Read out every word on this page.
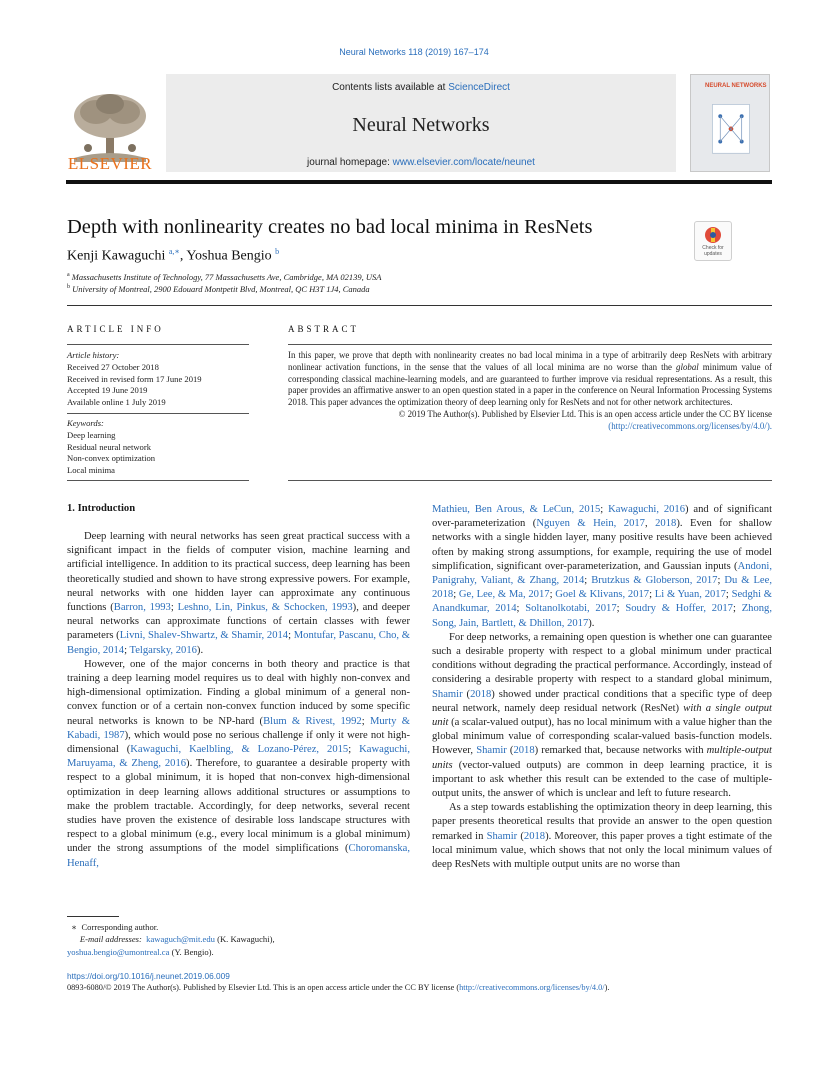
Neural Networks 118 (2019) 167–174
ELSEVIER
Contents lists available at ScienceDirect
Neural Networks
journal homepage: www.elsevier.com/locate/neunet
NEURAL NETWORKS
Depth with nonlinearity creates no bad local minima in ResNets
Check for updates
Kenji Kawaguchi $^{a,∗}$, Yoshua Bengio $^b$
$^a$ Massachusetts Institute of Technology, 77 Massachusetts Ave, Cambridge, MA 02139, USA
$^b$ University of Montreal, 2900 Edouard Montpetit Blvd, Montreal, QC H3T 1J4, Canada
ARTICLE INFO
Article history:
Received 27 October 2018
Received in revised form 17 June 2019
Accepted 19 June 2019
Available online 1 July 2019
Keywords:
Deep learning
Residual neural network
Non-convex optimization
Local minima
ABSTRACT
In this paper, we prove that depth with nonlinearity creates no bad local minima in a type of arbitrarily deep ResNets with arbitrary nonlinear activation functions, in the sense that the values of all local minima are no worse than the global minimum value of corresponding classical machine-learning models, and are guaranteed to further improve via residual representations. As a result, this paper provides an affirmative answer to an open question stated in a paper in the conference on Neural Information Processing Systems 2018. This paper advances the optimization theory of deep learning only for ResNets and not for other network architectures.
© 2019 The Author(s). Published by Elsevier Ltd. This is an open access article under the CC BY license
(http://creativecommons.org/licenses/by/4.0/).
1. Introduction

Deep learning with neural networks has seen great practical success with a significant impact in the fields of computer vision, machine learning and artificial intelligence. In addition to its practical success, deep learning has been theoretically studied and shown to have strong expressive powers. For example, neural networks with one hidden layer can approximate any continuous functions (Barron, 1993; Leshno, Lin, Pinkus, & Schocken, 1993), and deeper neural networks can approximate functions of certain classes with fewer parameters (Livni, Shalev-Shwartz, & Shamir, 2014; Montufar, Pascanu, Cho, & Bengio, 2014; Telgarsky, 2016).

However, one of the major concerns in both theory and practice is that training a deep learning model requires us to deal with highly non-convex and high-dimensional optimization. Finding a global minimum of a general non-convex function or of a certain non-convex function induced by some specific neural networks is known to be NP-hard (Blum & Rivest, 1992; Murty & Kabadi, 1987), which would pose no serious challenge if only it were not high-dimensional (Kawaguchi, Kaelbling, & Lozano-Pérez, 2015; Kawaguchi, Maruyama, & Zheng, 2016). Therefore, to guarantee a desirable property with respect to a global minimum, it is hoped that non-convex high-dimensional optimization in deep learning allows additional structures or assumptions to make the problem tractable. Accordingly, for deep networks, several recent studies have proven the existence of desirable loss landscape structures with respect to a global minimum (e.g., every local minimum is a global minimum) under the strong assumptions of the model simplifications (Choromanska, Henaff,

Mathieu, Ben Arous, & LeCun, 2015; Kawaguchi, 2016) and of significant over-parameterization (Nguyen & Hein, 2017, 2018). Even for shallow networks with a single hidden layer, many positive results have been achieved often by making strong assumptions, for example, requiring the use of model simplification, significant over-parameterization, and Gaussian inputs (Andoni, Panigrahy, Valiant, & Zhang, 2014; Brutzkus & Globerson, 2017; Du & Lee, 2018; Ge, Lee, & Ma, 2017; Goel & Klivans, 2017; Li & Yuan, 2017; Sedghi & Anandkumar, 2014; Soltanolkotabi, 2017; Soudry & Hoffer, 2017; Zhong, Song, Jain, Bartlett, & Dhillon, 2017).

For deep networks, a remaining open question is whether one can guarantee such a desirable property with respect to a global minimum under practical conditions without degrading the practical performance. Accordingly, instead of considering a desirable property with respect to a standard global minimum, Shamir (2018) showed under practical conditions that a specific type of deep neural network, namely deep residual network (ResNet) with a single output unit (a scalar-valued output), has no local minimum with a value higher than the global minimum value of corresponding scalar-valued basis-function models. However, Shamir (2018) remarked that, because networks with multiple-output units (vector-valued outputs) are common in deep learning practice, it is important to ask whether this result can be extended to the case of multiple-output units, the answer of which is unclear and left to future research.

As a step towards establishing the optimization theory in deep learning, this paper presents theoretical results that provide an answer to the open question remarked in Shamir (2018). Moreover, this paper proves a tight estimate of the local minimum value, which shows that not only the local minimum values of deep ResNets with multiple output units are no worse than

∗ Corresponding author.
E-mail addresses: kawaguch@mit.edu (K. Kawaguchi),
yoshua.bengio@umontreal.ca (Y. Bengio).
https://doi.org/10.1016/j.neunet.2019.06.009
0893-6080/© 2019 The Author(s). Published by Elsevier Ltd. This is an open access article under the CC BY license (http://creativecommons.org/licenses/by/4.0/).
